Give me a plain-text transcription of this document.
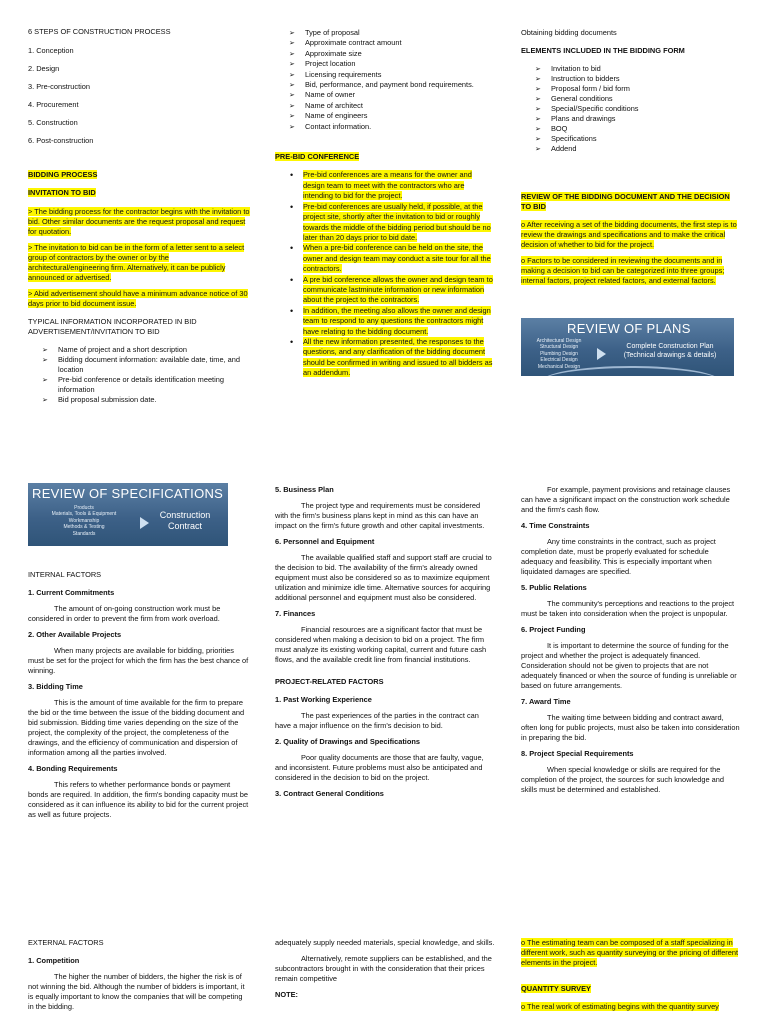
6 STEPS OF CONSTRUCTION PROCESS

1. Conception

2. Design

3. Pre-construction

4. Procurement

5. Construction

6. Post-construction

BIDDING PROCESS

INVITATION TO BID

> The bidding process for the contractor begins with the invitation to bid. Other similar documents are the request proposal and request for quotation.

> The invitation to bid can be in the form of a letter sent to a select group of contractors by the owner or by the architectural/engineering firm. Alternatively, it can be publicly announced or advertised.

> Abid advertisement should have a minimum advance notice of 30 days prior to bid document issue.

TYPICAL INFORMATION INCORPORATED IN BID ADVERTISEMENT/INVITATION TO BID

➢ Name of project and a short description
➢ Bidding document information: available date, time, and location
➢ Pre-bid conference or details identification meeting information
➢ Bid proposal submission date.
➢ Type of proposal
➢ Approximate contract amount
➢ Approximate size
➢ Project location
➢ Licensing requirements
➢ Bid, performance, and payment bond requirements.
➢ Name of owner
➢ Name of architect
➢ Name of engineers
➢ Contact information.

PRE-BID CONFERENCE

• Pre-bid conferences are a means for the owner and design team to meet with the contractors who are intending to bid for the project.
• Pre-bid conferences are usually held, if possible, at the project site, shortly after the invitation to bid or roughly towards the middle of the bidding period but should be no later than 20 days prior to bid date.
• When a pre-bid conference can be held on the site, the owner and design team may conduct a site tour for all the contractors.
• A pre bid conference allows the owner and design team to communicate lastminute information or new information about the project to the contractors.
• In addition, the meeting also allows the owner and design team to respond to any questions the contractors might have relating to the bidding document.
• All the new information presented, the responses to the questions, and any clarification of the bidding document should be confirmed in writing and issued to all bidders as an addendum.

Obtaining bidding documents

ELEMENTS INCLUDED IN THE BIDDING FORM

➢ Invitation to bid
➢ Instruction to bidders
➢ Proposal form / bid form
➢ General conditions
➢ Special/Specific conditions
➢ Plans and drawings
➢ BOQ
➢ Specifications
➢ Addend

REVIEW OF THE BIDDING DOCUMENT AND THE DECISION TO BID

o After receiving a set of the bidding documents, the first step is to review the drawings and specifications and to make the critical decision of whether to bid for the project.

o Factors to be considered in reviewing the documents and in making a decision to bid can be categorized into three groups; internal factors, project related factors, and external factors.

REVIEW OF PLANS
Architectural Design
Structural Design
Plumbing Design
Electrical Design
Mechanical Design
Complete Construction Plan (Technical drawings & details)
REVIEW OF SPECIFICATIONS
Products
Materials, Tools & Equipment
Workmanship
Methods & Testing
Standards
Construction Contract

INTERNAL FACTORS

1. Current Commitments

The amount of on-going construction work must be considered in order to prevent the firm from work overload.

2. Other Available Projects

When many projects are available for bidding, priorities must be set for the project for which the firm has the best chance of winning.

3. Bidding Time

This is the amount of time available for the firm to prepare the bid or the time between the issue of the bidding document and bid submission. Bidding time varies depending on the size of the project, the complexity of the project, the completeness of the drawings, and the efficiency of communication and dispersion of information among all the parties involved.

4. Bonding Requirements

This refers to whether performance bonds or payment bonds are required. In addition, the firm's bonding capacity must be considered as it can influence its ability to bid for the current project as well as future projects.

5. Business Plan

The project type and requirements must be considered with the firm's business plans kept in mind as this can have an impact on the firm's future growth and other capital investments.

6. Personnel and Equipment

The available qualified staff and support staff are crucial to the decision to bid. The availability of the firm's already owned equipment must also be considered so as to maximize equipment utilization and minimize idle time. Alternative sources for acquiring additional personnel and equipment must also be considered.

7. Finances

Financial resources are a significant factor that must be considered when making a decision to bid on a project. The firm must analyze its existing working capital, current and future cash flows, and the available credit line from financial institutions.

PROJECT-RELATED FACTORS

1. Past Working Experience

The past experiences of the parties in the contract can have a major influence on the firm's decision to bid.

2. Quality of Drawings and Specifications

Poor quality documents are those that are faulty, vague, and inconsistent. Future problems must also be anticipated and considered in the decision to bid on the project.

3. Contract General Conditions

For example, payment provisions and retainage clauses can have a significant impact on the construction work schedule and the firm's cash flow.

4. Time Constraints

Any time constraints in the contract, such as project completion date, must be properly evaluated for schedule adequacy and feasibility. This is especially important when liquidated damages are specified.

5. Public Relations

The community's perceptions and reactions to the project must be taken into consideration when the project is unpopular.

6. Project Funding

It is important to determine the source of funding for the project and whether the project is adequately financed. Consideration should not be given to projects that are not adequately financed or when the source of funding is unreliable or based on future arrangements.

7. Award Time

The waiting time between bidding and contract award, often long for public projects, must also be taken into consideration in preparing the bid.

8. Project Special Requirements

When special knowledge or skills are required for the completion of the project, the sources for such knowledge and skills must be determined and established.

EXTERNAL FACTORS

1. Competition

The higher the number of bidders, the higher the risk is of not winning the bid. Although the number of bidders is important, it is equally important to know the companies that will be competing in the bidding.

adequately supply needed materials, special knowledge, and skills.

Alternatively, remote suppliers can be established, and the subcontractors brought in with the consideration that their prices remain competitive

NOTE:

o The estimating team can be composed of a staff specializing in different work, such as quantity surveying or the pricing of different elements in the project.

QUANTITY SURVEY

o The real work of estimating begins with the quantity survey
